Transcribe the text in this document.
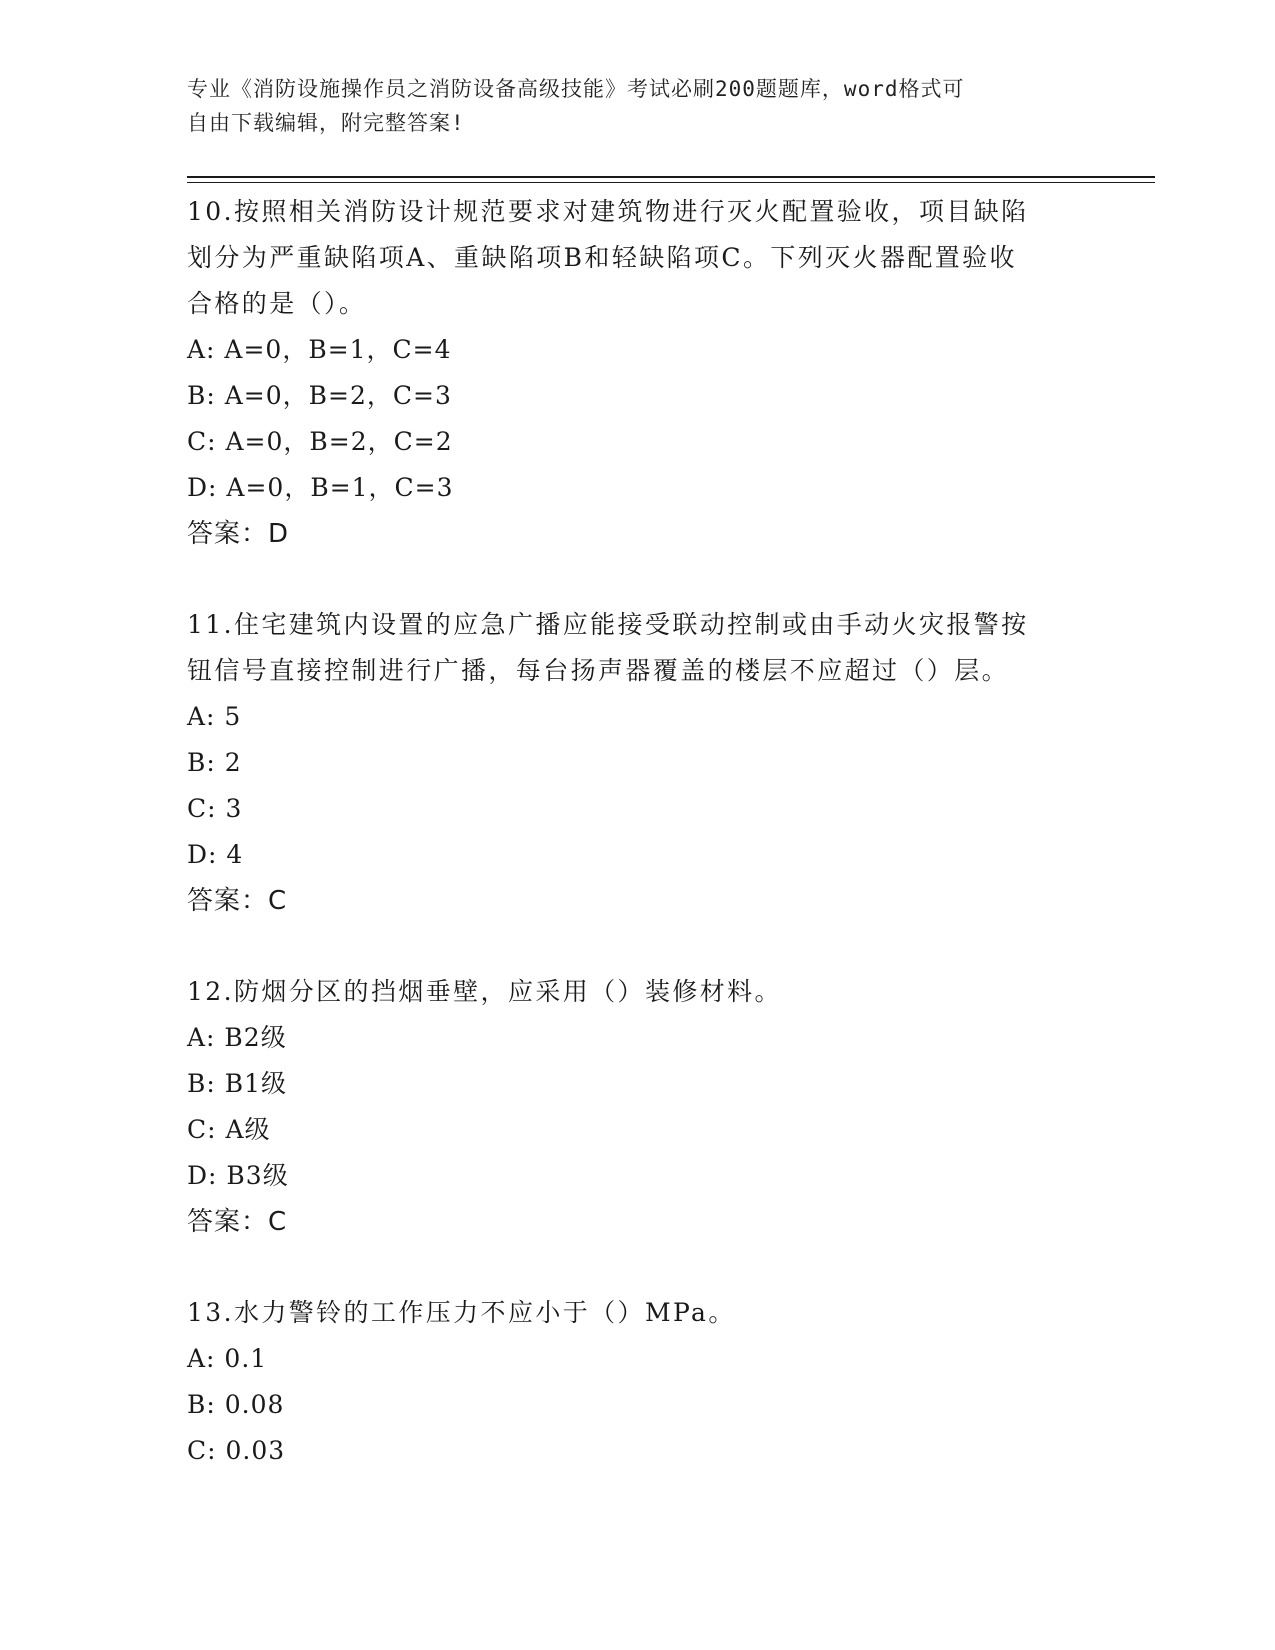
专业《消防设施操作员之消防设备高级技能》考试必刷200题题库，word格式可
自由下载编辑，附完整答案!
10.按照相关消防设计规范要求对建筑物进行灭火配置验收，项目缺陷
划分为严重缺陷项A、重缺陷项B和轻缺陷项C。下列灭火器配置验收
合格的是（）。
A: A=0，B=1，C=4
B: A=0，B=2，C=3
C: A=0，B=2，C=2
D: A=0，B=1，C=3
答案：D
11.住宅建筑内设置的应急广播应能接受联动控制或由手动火灾报警按
钮信号直接控制进行广播，每台扬声器覆盖的楼层不应超过（）层。
A: 5
B: 2
C: 3
D: 4
答案：C
12.防烟分区的挡烟垂壁，应采用（）装修材料。
A: B2级
B: B1级
C: A级
D: B3级
答案：C
13.水力警铃的工作压力不应小于（）MPa。
A: 0.1
B: 0.08
C: 0.03
